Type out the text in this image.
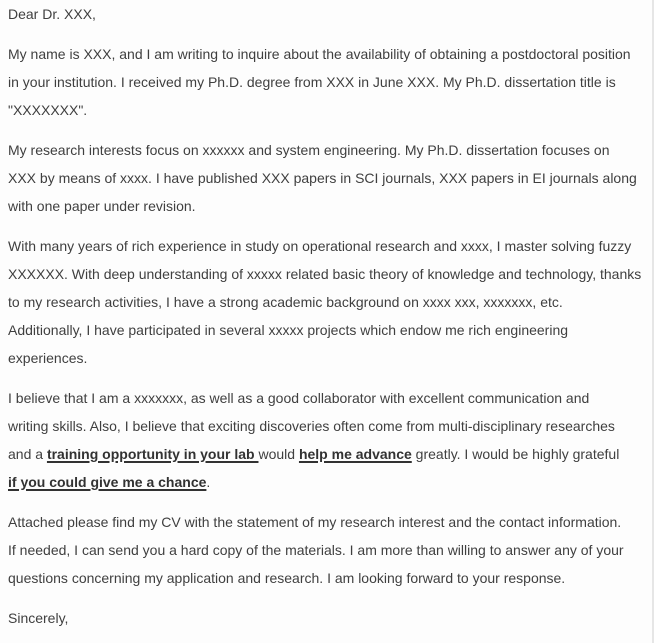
Dear Dr. XXX,
My name is XXX, and I am writing to inquire about the availability of obtaining a postdoctoral position
in your institution. I received my Ph.D. degree from XXX in June XXX. My Ph.D. dissertation title is
"XXXXXXX".
My research interests focus on xxxxxx and system engineering. My Ph.D. dissertation focuses on
XXX by means of xxxx. I have published XXX papers in SCI journals, XXX papers in EI journals along
with one paper under revision.
With many years of rich experience in study on operational research and xxxx, I master solving fuzzy
XXXXXX. With deep understanding of xxxxx related basic theory of knowledge and technology, thanks
to my research activities, I have a strong academic background on xxxx xxx, xxxxxxx, etc.
Additionally, I have participated in several xxxxx projects which endow me rich engineering
experiences.
I believe that I am a xxxxxxx, as well as a good collaborator with excellent communication and
writing skills. Also, I believe that exciting discoveries often come from multi-disciplinary researches
and a training opportunity in your lab would help me advance greatly. I would be highly grateful
if you could give me a chance.
Attached please find my CV with the statement of my research interest and the contact information.
If needed, I can send you a hard copy of the materials. I am more than willing to answer any of your
questions concerning my application and research. I am looking forward to your response.
Sincerely,
